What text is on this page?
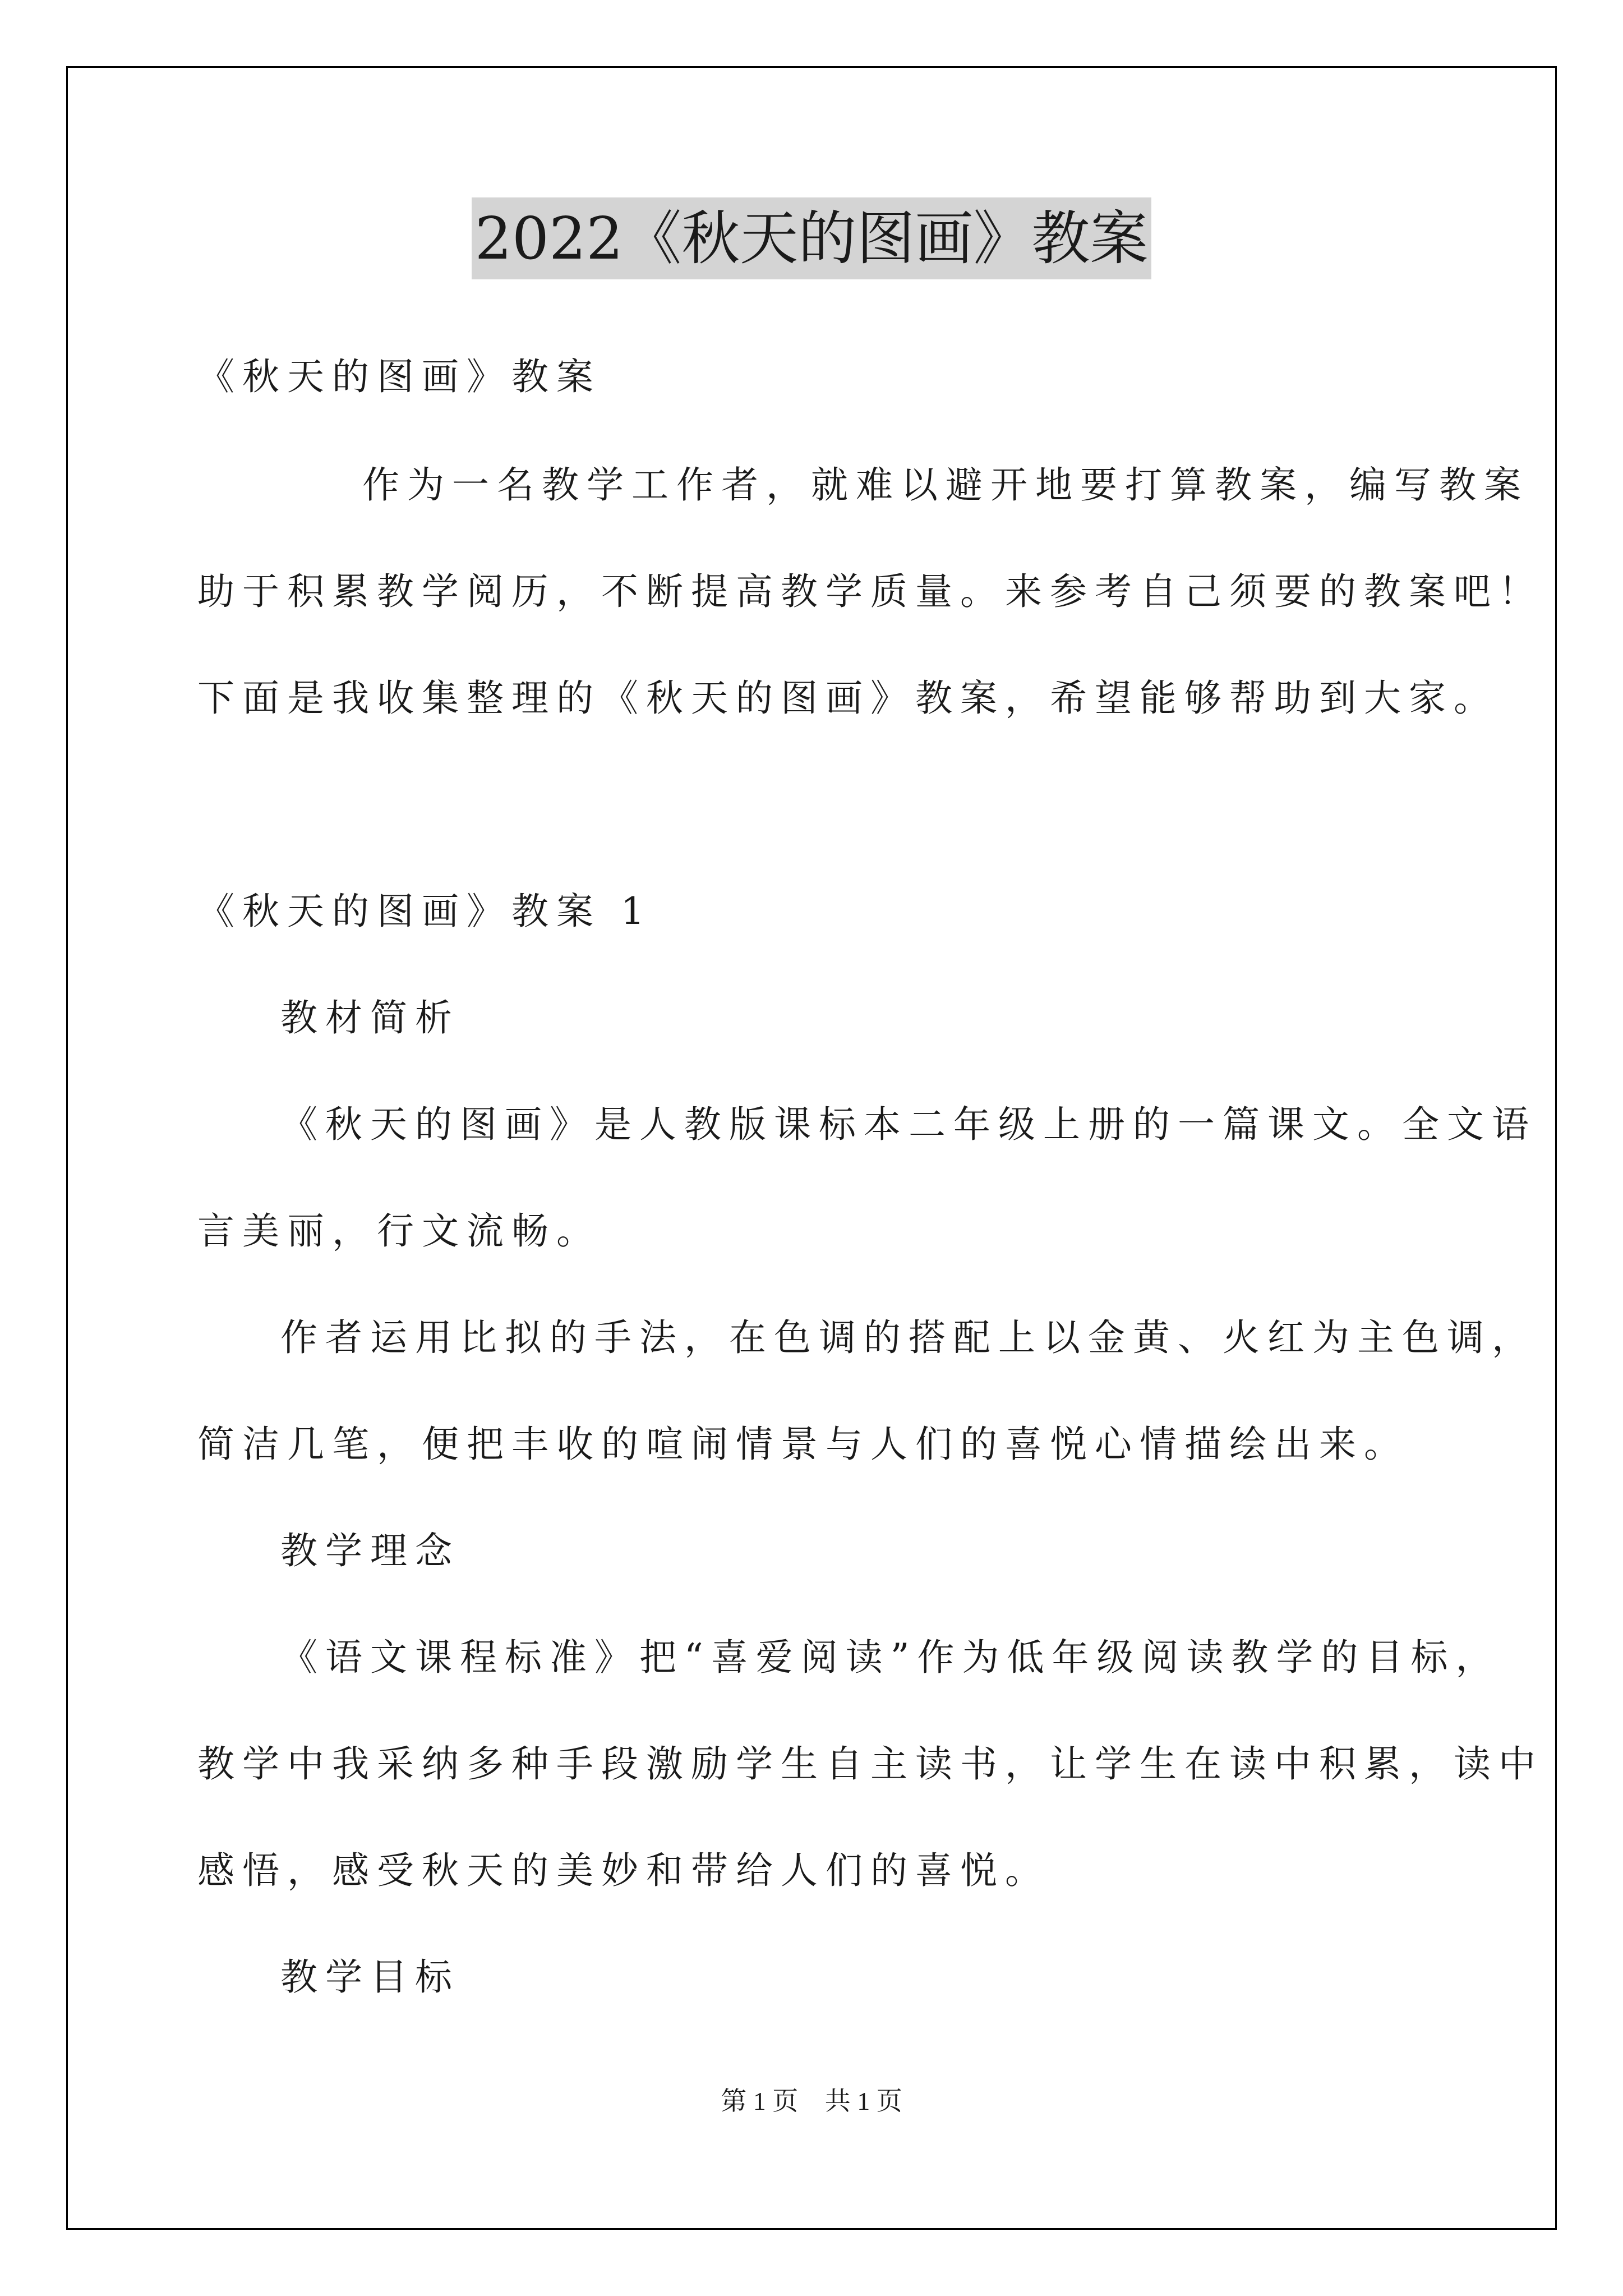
2022《秋天的图画》教案
《秋天的图画》教案
作为一名教学工作者，就难以避开地要打算教案，编写教案
助于积累教学阅历，不断提高教学质量。来参考自己须要的教案吧！
下面是我收集整理的《秋天的图画》教案，希望能够帮助到大家。
《秋天的图画》教案 1
教材简析
《秋天的图画》是人教版课标本二年级上册的一篇课文。全文语
言美丽，行文流畅。
作者运用比拟的手法，在色调的搭配上以金黄、火红为主色调，
简洁几笔，便把丰收的喧闹情景与人们的喜悦心情描绘出来。
教学理念
《语文课程标准》把“喜爱阅读”作为低年级阅读教学的目标，
教学中我采纳多种手段激励学生自主读书，让学生在读中积累，读中
感悟，感受秋天的美妙和带给人们的喜悦。
教学目标
第 1 页 共 1 页
